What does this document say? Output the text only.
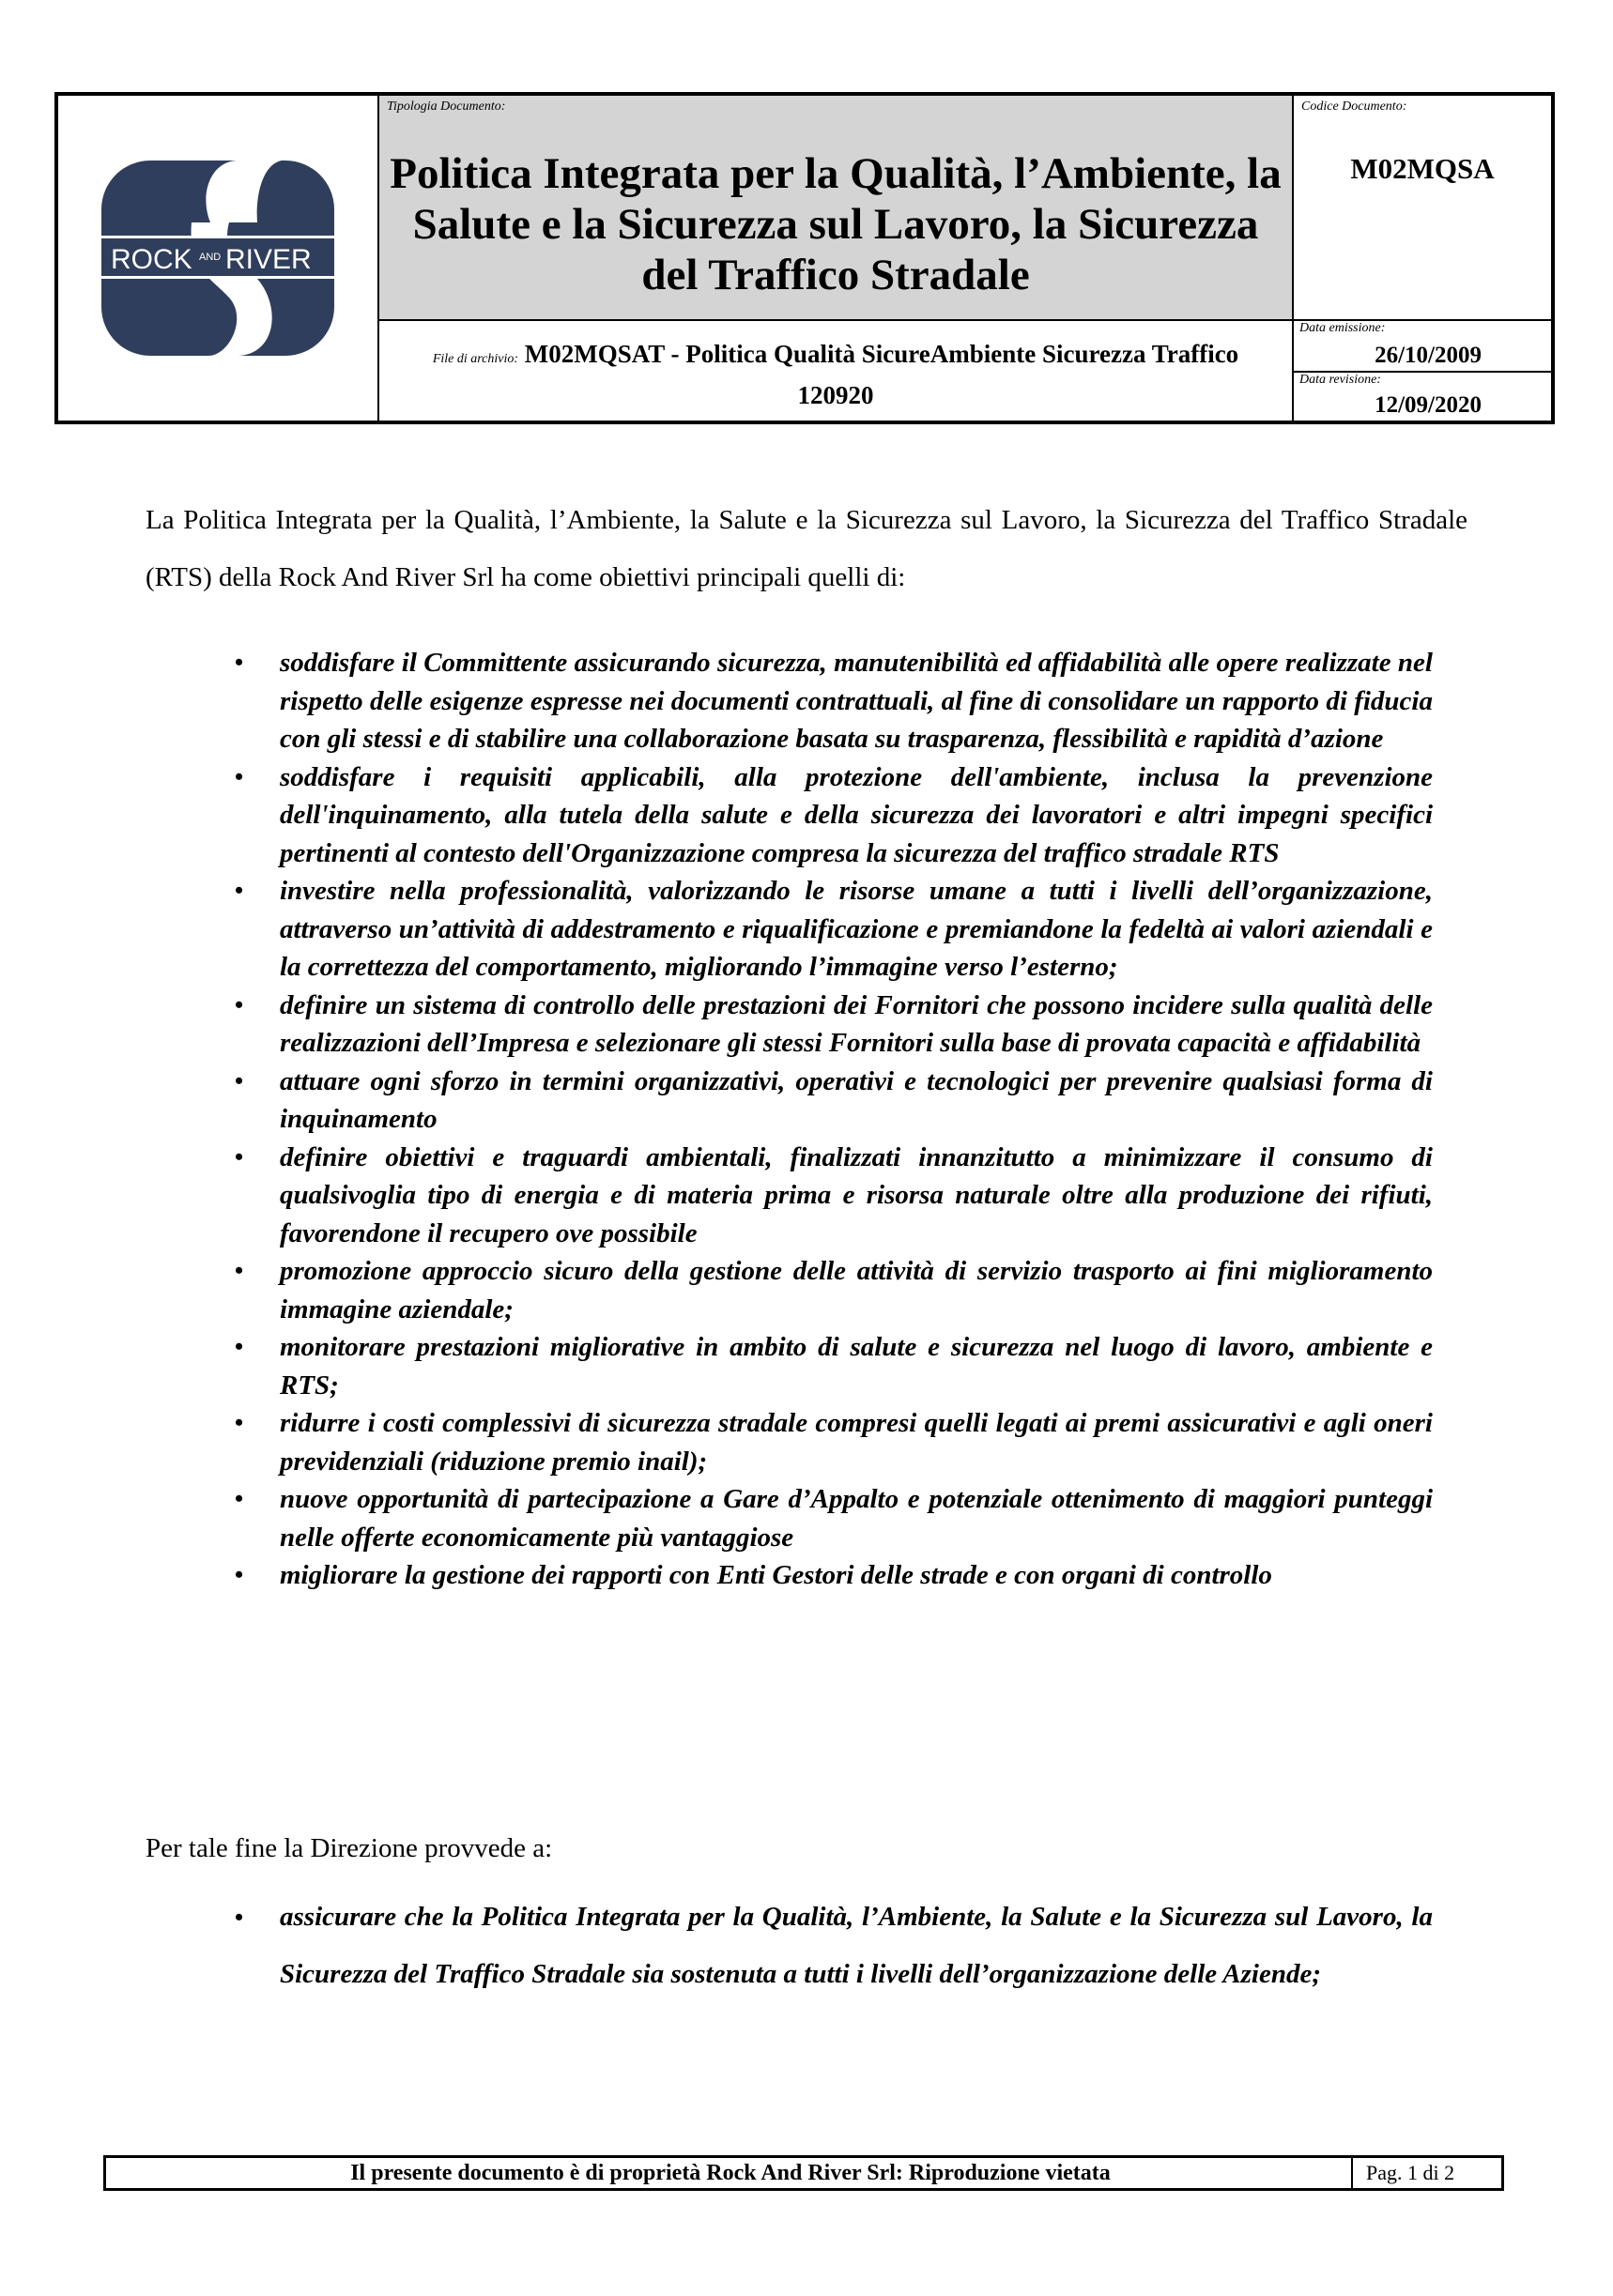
ROCK AND RIVER
Tipologia Documento:
Politica Integrata per la Qualità, l’Ambiente, la Salute e la Sicurezza sul Lavoro, la Sicurezza del Traffico Stradale
File di archivio: M02MQSAT - Politica Qualità SicureAmbiente Sicurezza Traffico 120920
Codice Documento:
M02MQSA
Data emissione:
26/10/2009
Data revisione:
12/09/2020

La Politica Integrata per la Qualità, l’Ambiente, la Salute e la Sicurezza sul Lavoro, la Sicurezza del Traffico Stradale (RTS) della Rock And River Srl ha come obiettivi principali quelli di:

• soddisfare il Committente assicurando sicurezza, manutenibilità ed affidabilità alle opere realizzate nel rispetto delle esigenze espresse nei documenti contrattuali, al fine di consolidare un rapporto di fiducia con gli stessi e di stabilire una collaborazione basata su trasparenza, flessibilità e rapidità d’azione
• soddisfare i requisiti applicabili, alla protezione dell'ambiente, inclusa la prevenzione dell'inquinamento, alla tutela della salute e della sicurezza dei lavoratori e altri impegni specifici pertinenti al contesto dell'Organizzazione compresa la sicurezza del traffico stradale RTS
• investire nella professionalità, valorizzando le risorse umane a tutti i livelli dell’organizzazione, attraverso un’attività di addestramento e riqualificazione e premiandone la fedeltà ai valori aziendali e la correttezza del comportamento, migliorando l’immagine verso l’esterno;
• definire un sistema di controllo delle prestazioni dei Fornitori che possono incidere sulla qualità delle realizzazioni dell’Impresa e selezionare gli stessi Fornitori sulla base di provata capacità e affidabilità
• attuare ogni sforzo in termini organizzativi, operativi e tecnologici per prevenire qualsiasi forma di inquinamento
• definire obiettivi e traguardi ambientali, finalizzati innanzitutto a minimizzare il consumo di qualsivoglia tipo di energia e di materia prima e risorsa naturale oltre alla produzione dei rifiuti, favorendone il recupero ove possibile
• promozione approccio sicuro della gestione delle attività di servizio trasporto ai fini miglioramento immagine aziendale;
• monitorare prestazioni migliorative in ambito di salute e sicurezza nel luogo di lavoro, ambiente e RTS;
• ridurre i costi complessivi di sicurezza stradale compresi quelli legati ai premi assicurativi e agli oneri previdenziali (riduzione premio inail);
• nuove opportunità di partecipazione a Gare d’Appalto e potenziale ottenimento di maggiori punteggi nelle offerte economicamente più vantaggiose
• migliorare la gestione dei rapporti con Enti Gestori delle strade e con organi di controllo

Per tale fine la Direzione provvede a:

• assicurare che la Politica Integrata per la Qualità, l’Ambiente, la Salute e la Sicurezza sul Lavoro, la Sicurezza del Traffico Stradale sia sostenuta a tutti i livelli dell’organizzazione delle Aziende;
Il presente documento è di proprietà Rock And River Srl: Riproduzione vietata	Pag. 1 di 2
